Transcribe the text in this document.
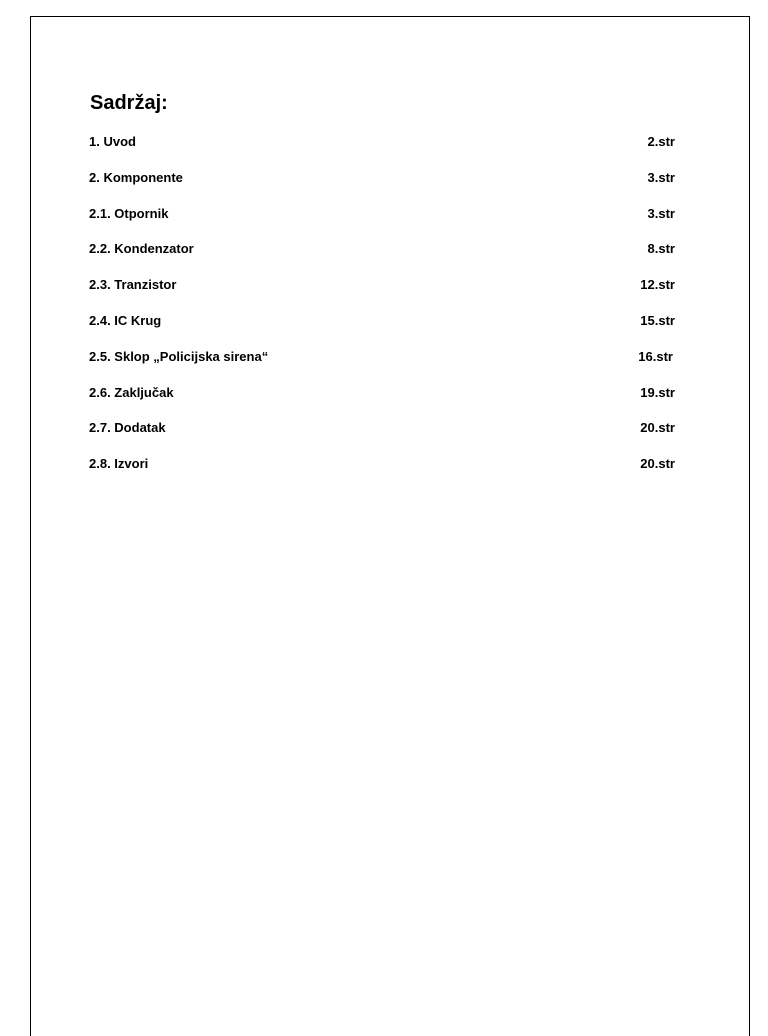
Sadržaj:
1. Uvod	2.str
2. Komponente	3.str
2.1. Otpornik	3.str
2.2. Kondenzator	8.str
2.3. Tranzistor	12.str
2.4. IC Krug	15.str
2.5. Sklop „Policijska sirena“	16.str
2.6. Zaključak	19.str
2.7. Dodatak	20.str
2.8. Izvori	20.str
